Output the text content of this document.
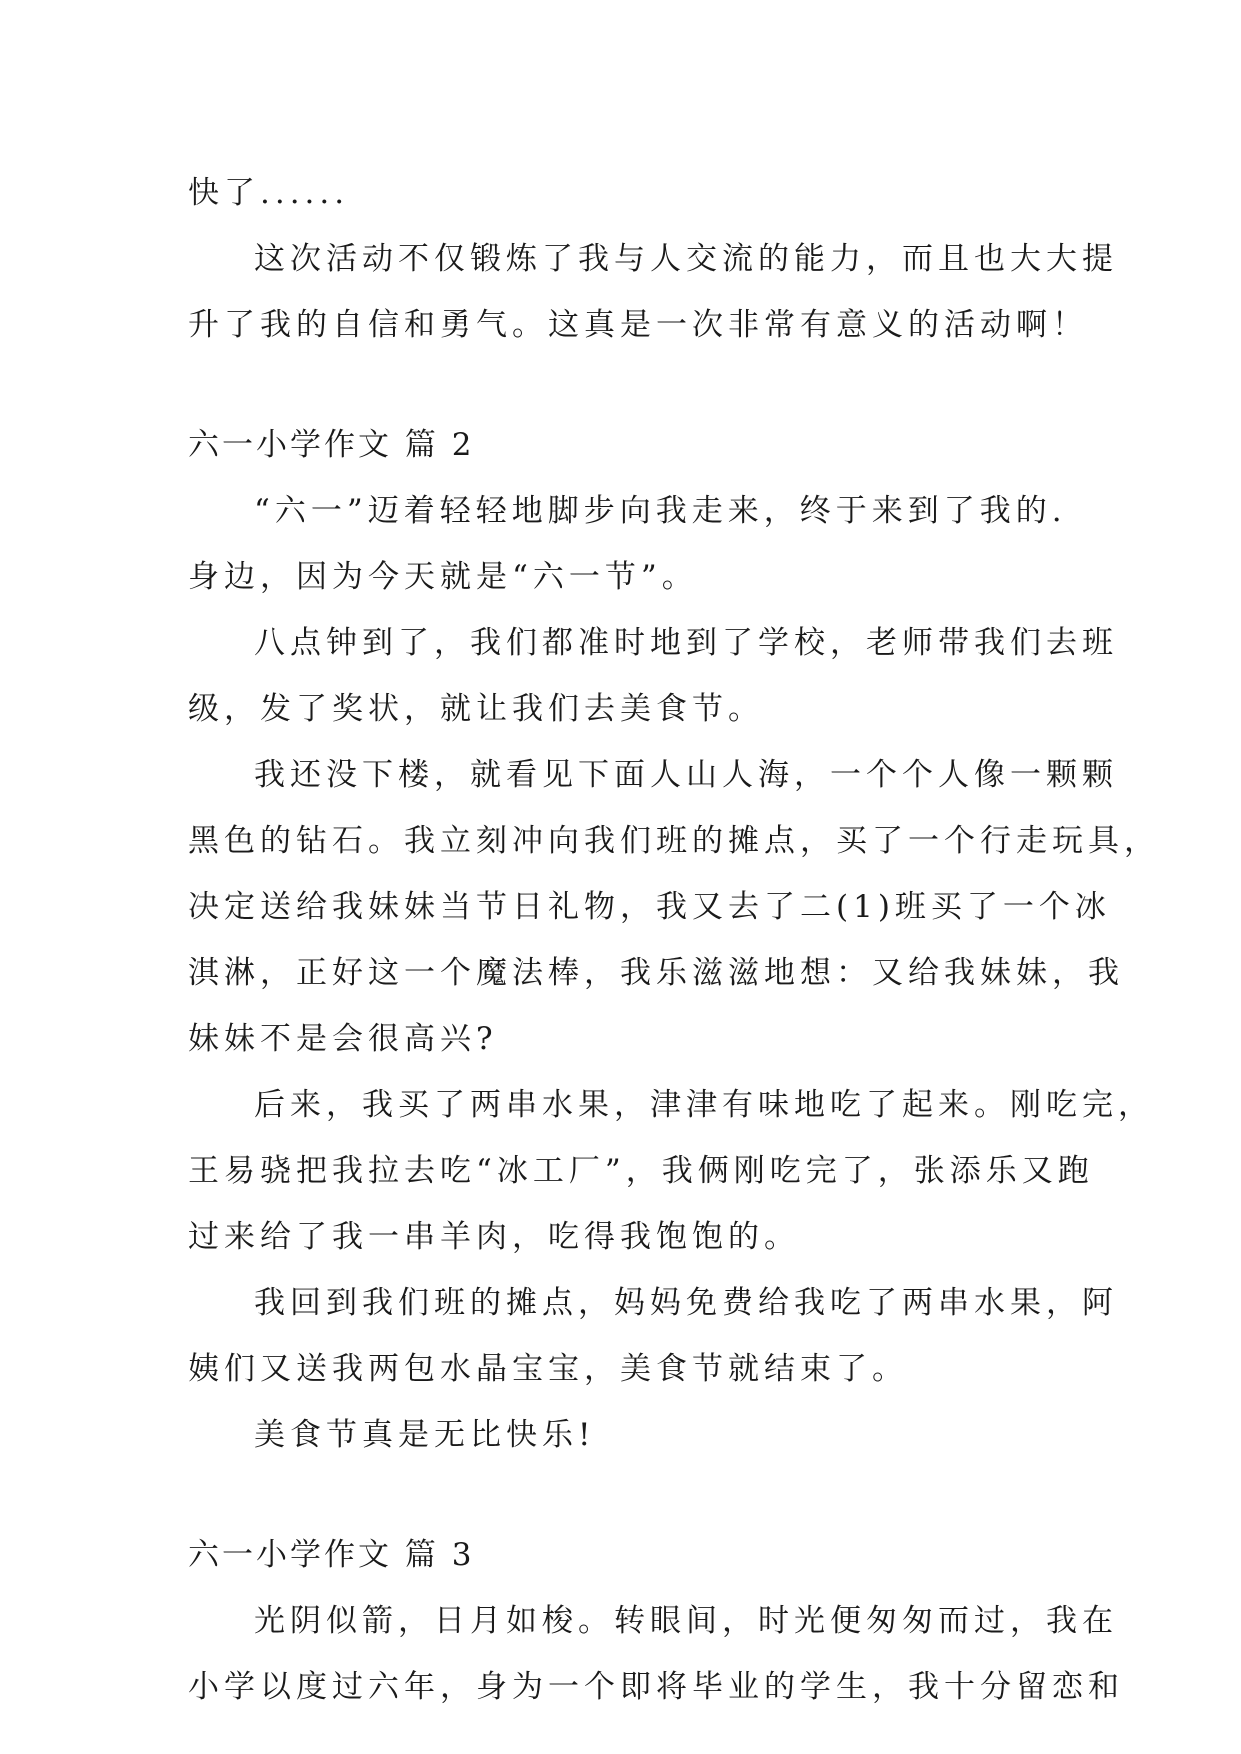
快了......
这次活动不仅锻炼了我与人交流的能力，而且也大大提
升了我的自信和勇气。这真是一次非常有意义的活动啊！
六一小学作文 篇 2
“六一”迈着轻轻地脚步向我走来，终于来到了我的.
身边，因为今天就是“六一节”。
八点钟到了，我们都准时地到了学校，老师带我们去班
级，发了奖状，就让我们去美食节。
我还没下楼，就看见下面人山人海，一个个人像一颗颗
黑色的钻石。我立刻冲向我们班的摊点，买了一个行走玩具，
决定送给我妹妹当节日礼物，我又去了二(1)班买了一个冰
淇淋，正好这一个魔法棒，我乐滋滋地想：又给我妹妹，我
妹妹不是会很高兴?
后来，我买了两串水果，津津有味地吃了起来。刚吃完，
王易骁把我拉去吃“冰工厂”，我俩刚吃完了，张添乐又跑
过来给了我一串羊肉，吃得我饱饱的。
我回到我们班的摊点，妈妈免费给我吃了两串水果，阿
姨们又送我两包水晶宝宝，美食节就结束了。
美食节真是无比快乐!
六一小学作文 篇 3
光阴似箭，日月如梭。转眼间，时光便匆匆而过，我在
小学以度过六年，身为一个即将毕业的学生，我十分留恋和
